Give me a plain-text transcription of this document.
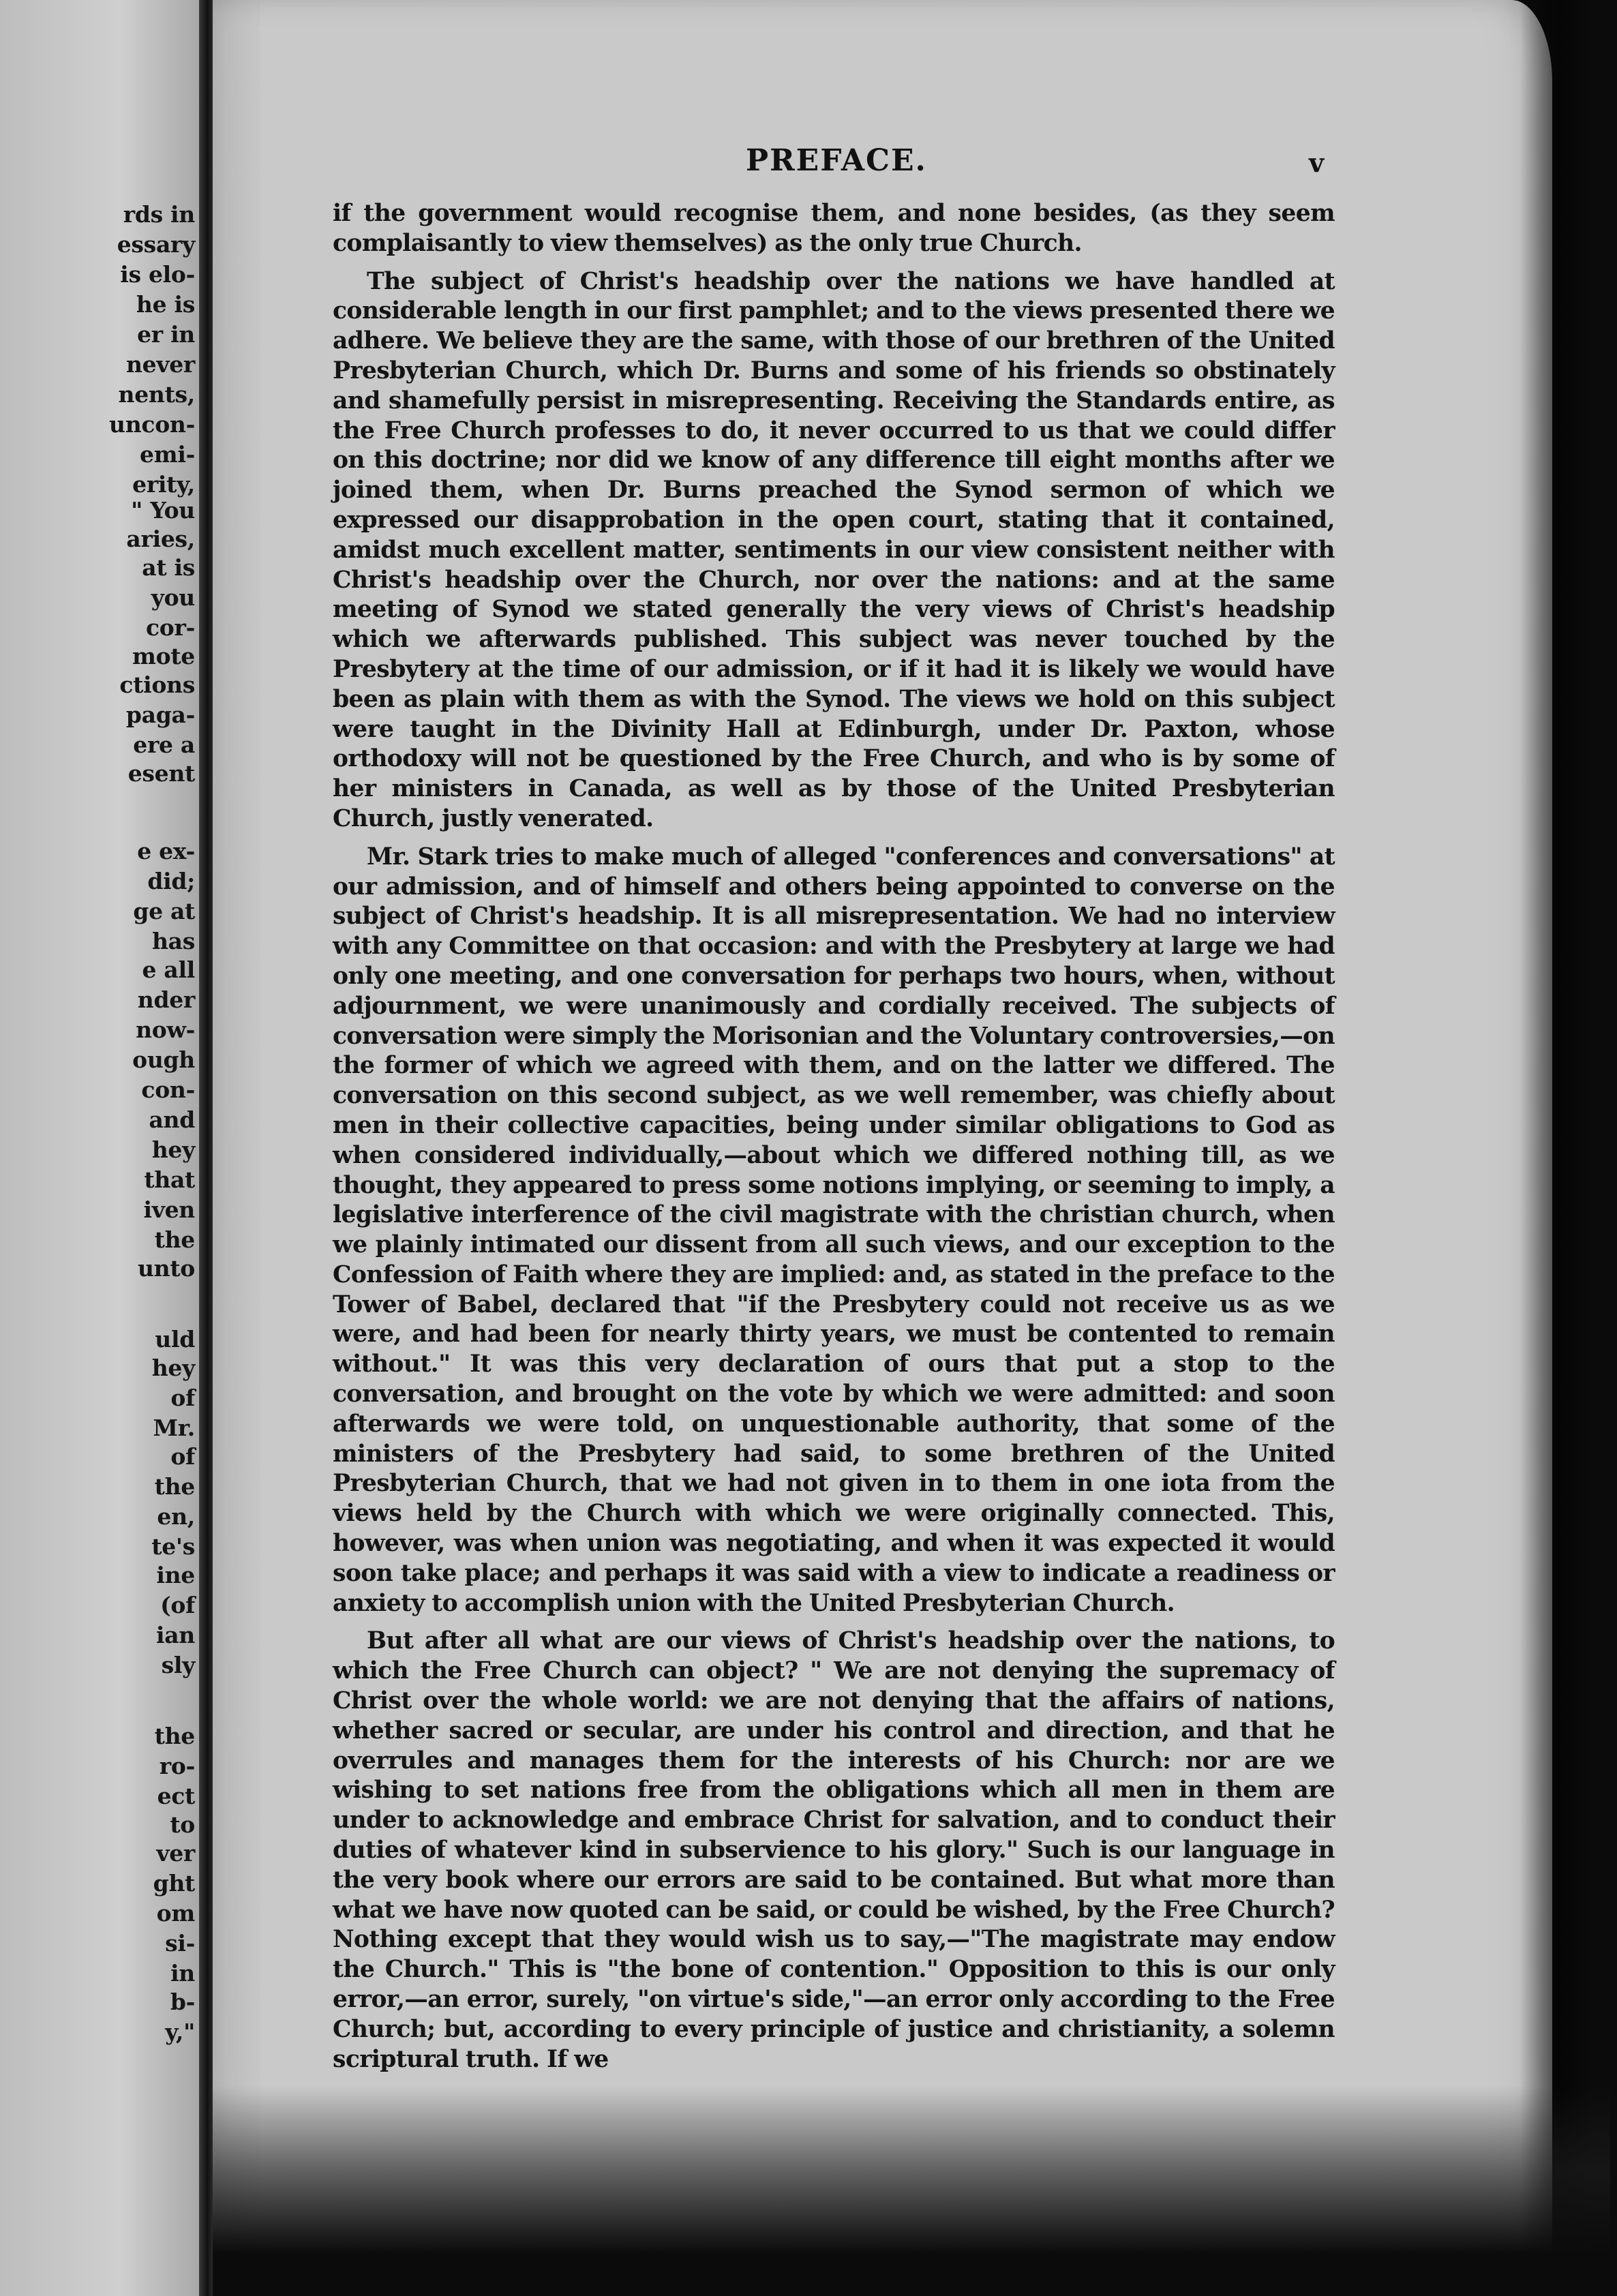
rds in
essary
is elo-
he is
er in
never
nents,
uncon-
emi-
erity,
" You
aries,
at is
you
cor-
mote
ctions
paga-
ere a
esent
e ex-
did;
ge at
has
e all
nder
now-
ough
con-
and
hey
that
iven
the
unto
uld
hey
of
Mr.
of
the
en,
te's
ine
(of
ian
sly
the
ro-
ect
to
ver
ght
om
si-
in
b-
y,"
PREFACE.	v

if the government would recognise them, and none besides, (as they seem complaisantly to view themselves) as the only true Church.

The subject of Christ's headship over the nations we have handled at considerable length in our first pamphlet; and to the views presented there we adhere. We believe they are the same, with those of our brethren of the United Presbyterian Church, which Dr. Burns and some of his friends so obstinately and shamefully persist in misrepresenting. Receiving the Standards entire, as the Free Church professes to do, it never occurred to us that we could differ on this doctrine; nor did we know of any difference till eight months after we joined them, when Dr. Burns preached the Synod sermon of which we expressed our disapprobation in the open court, stating that it contained, amidst much excellent matter, sentiments in our view consistent neither with Christ's headship over the Church, nor over the nations: and at the same meeting of Synod we stated generally the very views of Christ's headship which we afterwards published. This subject was never touched by the Presbytery at the time of our admission, or if it had it is likely we would have been as plain with them as with the Synod. The views we hold on this subject were taught in the Divinity Hall at Edinburgh, under Dr. Paxton, whose orthodoxy will not be questioned by the Free Church, and who is by some of her ministers in Canada, as well as by those of the United Presbyterian Church, justly venerated.

Mr. Stark tries to make much of alleged "conferences and conversations" at our admission, and of himself and others being appointed to converse on the subject of Christ's headship. It is all misrepresentation. We had no interview with any Committee on that occasion: and with the Presbytery at large we had only one meeting, and one conversation for perhaps two hours, when, without adjournment, we were unanimously and cordially received. The subjects of conversation were simply the Morisonian and the Voluntary controversies,—on the former of which we agreed with them, and on the latter we differed. The conversation on this second subject, as we well remember, was chiefly about men in their collective capacities, being under similar obligations to God as when considered individually,—about which we differed nothing till, as we thought, they appeared to press some notions implying, or seeming to imply, a legislative interference of the civil magistrate with the christian church, when we plainly intimated our dissent from all such views, and our exception to the Confession of Faith where they are implied: and, as stated in the preface to the Tower of Babel, declared that "if the Presbytery could not receive us as we were, and had been for nearly thirty years, we must be contented to remain without." It was this very declaration of ours that put a stop to the conversation, and brought on the vote by which we were admitted: and soon afterwards we were told, on unquestionable authority, that some of the ministers of the Presbytery had said, to some brethren of the United Presbyterian Church, that we had not given in to them in one iota from the views held by the Church with which we were originally connected. This, however, was when union was negotiating, and when it was expected it would soon take place; and perhaps it was said with a view to indicate a readiness or anxiety to accomplish union with the United Presbyterian Church.

But after all what are our views of Christ's headship over the nations, to which the Free Church can object? " We are not denying the supremacy of Christ over the whole world: we are not denying that the affairs of nations, whether sacred or secular, are under his control and direction, and that he overrules and manages them for the interests of his Church: nor are we wishing to set nations free from the obligations which all men in them are under to acknowledge and embrace Christ for salvation, and to conduct their duties of whatever kind in subservience to his glory." Such is our language in the very book where our errors are said to be contained. But what more than what we have now quoted can be said, or could be wished, by the Free Church? Nothing except that they would wish us to say,—"The magistrate may endow the Church." This is "the bone of contention." Opposition to this is our only error,—an error, surely, "on virtue's side,"—an error only according to the Free Church; but, according to every principle of justice and christianity, a solemn scriptural truth. If we
